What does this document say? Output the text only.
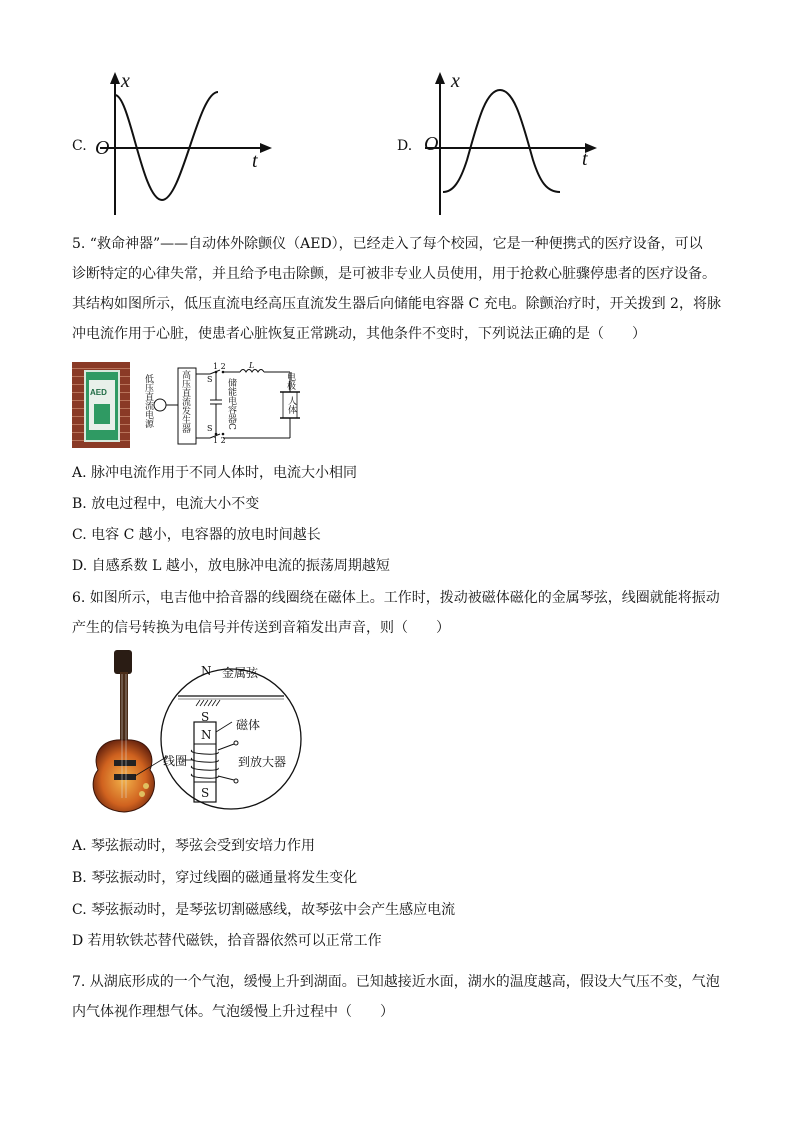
C.
x
O
t
D.
x
O
t
5. “救命神器”——自动体外除颤仪（AED），已经走入了每个校园，它是一种便携式的医疗设备，可以
诊断特定的心律失常，并且给予电击除颤，是可被非专业人员使用，用于抢救心脏骤停患者的医疗设备。
其结构如图所示，低压直流电经高压直流发生器后向储能电容器 C 充电。除颤治疗时，开关拨到 2，将脉
冲电流作用于心脏，使患者心脏恢复正常跳动，其他条件不变时，下列说法正确的是（　　）
AED	低压直流电源	高压直流发生器
1 2
S
S
1 2
L
储能电容器C	电极
人体
A. 脉冲电流作用于不同人体时，电流大小相同
B. 放电过程中，电流大小不变
C. 电容 C 越小，电容器的放电时间越长
D. 自感系数 L 越小，放电脉冲电流的振荡周期越短
6. 如图所示，电吉他中拾音器的线圈绕在磁体上。工作时，拨动被磁体磁化的金属琴弦，线圈就能将振动
产生的信号转换为电信号并传送到音箱发出声音，则（　　）
N 金属弦
S
N
磁体
线圈	到放大器
S
A. 琴弦振动时，琴弦会受到安培力作用
B. 琴弦振动时，穿过线圈的磁通量将发生变化
C. 琴弦振动时，是琴弦切割磁感线，故琴弦中会产生感应电流
D 若用软铁芯替代磁铁，拾音器依然可以正常工作
7. 从湖底形成的一个气泡，缓慢上升到湖面。已知越接近水面，湖水的温度越高，假设大气压不变，气泡
内气体视作理想气体。气泡缓慢上升过程中（　　）
